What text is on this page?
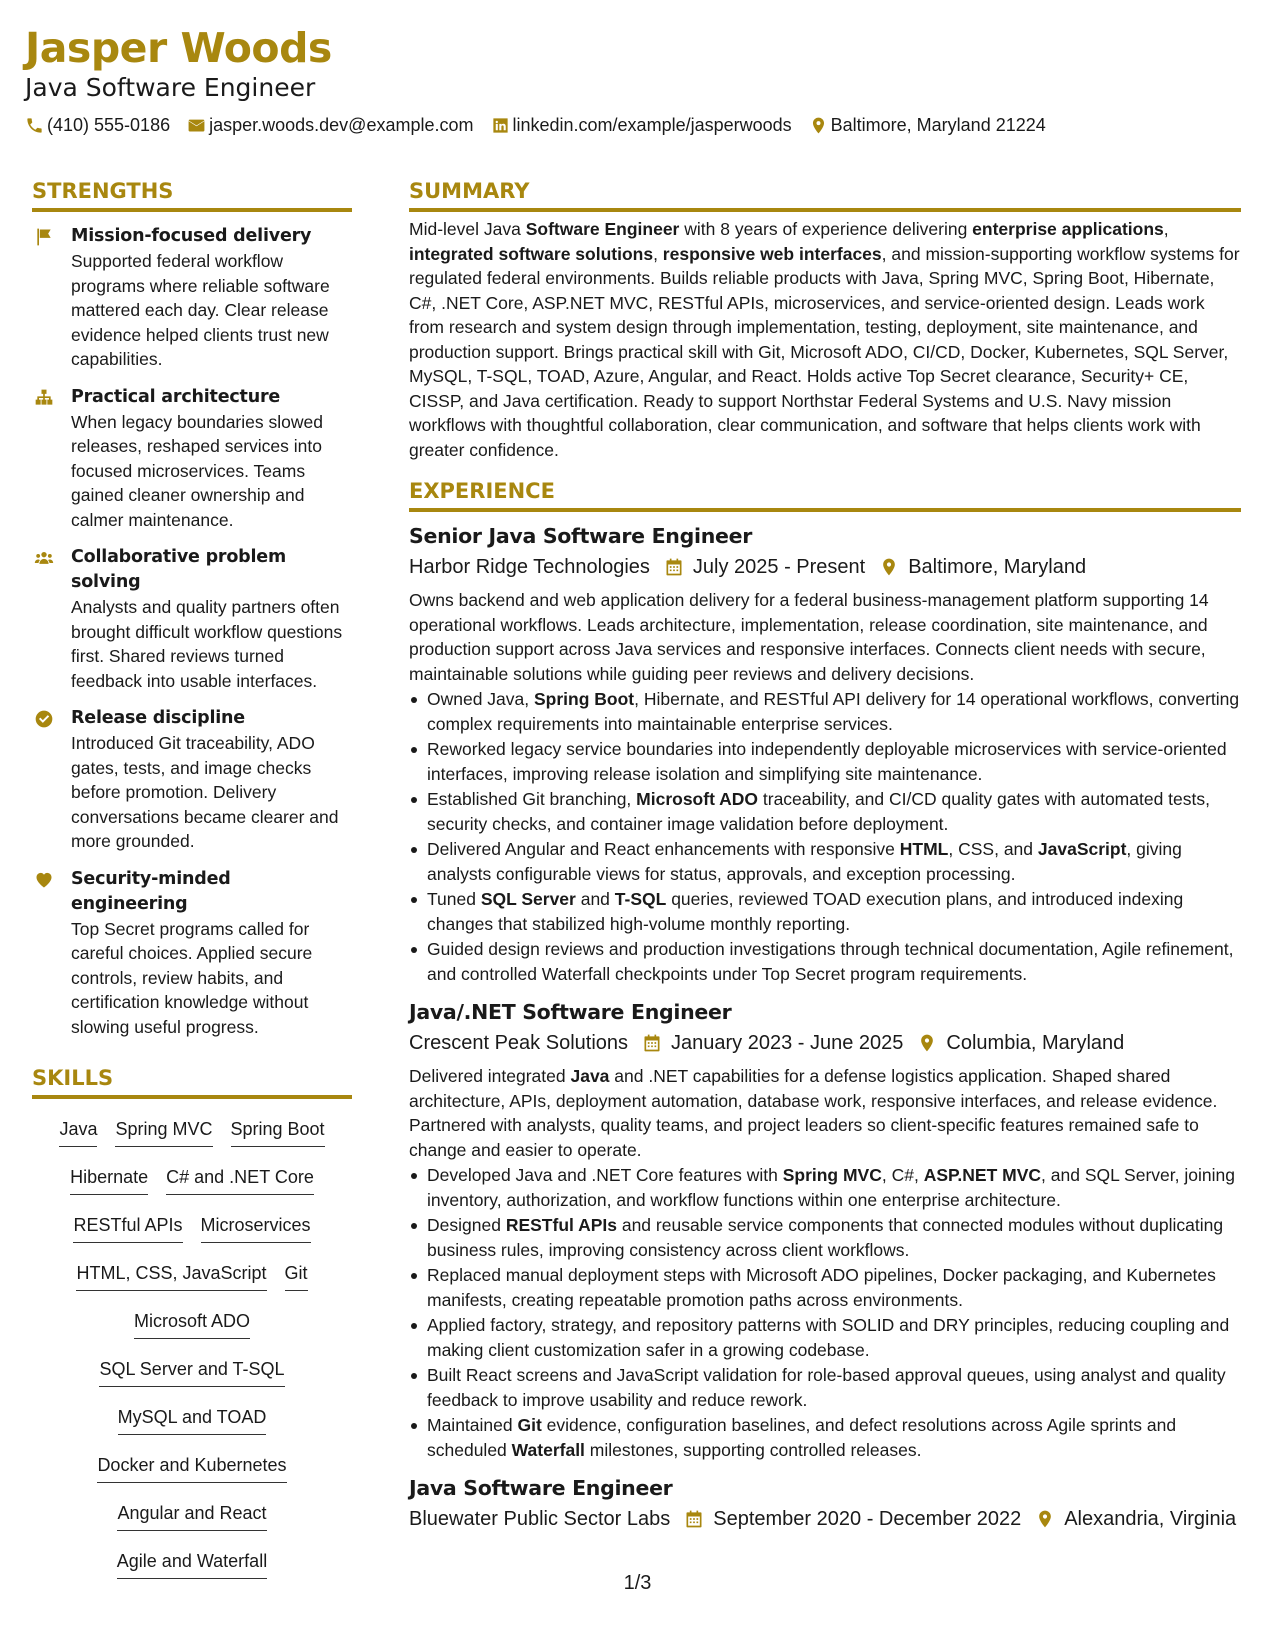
Jasper Woods
Java Software Engineer
(410) 555-0186 jasper.woods.dev@example.com linkedin.com/example/jasperwoods Baltimore, Maryland 21224
STRENGTHS
Mission-focused delivery
Supported federal workflow programs where reliable software mattered each day. Clear release evidence helped clients trust new capabilities.
Practical architecture
When legacy boundaries slowed releases, reshaped services into focused microservices. Teams gained cleaner ownership and calmer maintenance.
Collaborative problem solving
Analysts and quality partners often brought difficult workflow questions first. Shared reviews turned feedback into usable interfaces.
Release discipline
Introduced Git traceability, ADO gates, tests, and image checks before promotion. Delivery conversations became clearer and more grounded.
Security-minded engineering
Top Secret programs called for careful choices. Applied secure controls, review habits, and certification knowledge without slowing useful progress.
SKILLS
Java Spring MVC Spring Boot
Hibernate C# and .NET Core
RESTful APIs Microservices
HTML, CSS, JavaScript Git
Microsoft ADO
SQL Server and T-SQL
MySQL and TOAD
Docker and Kubernetes
Angular and React
Agile and Waterfall
SUMMARY
Mid-level Java Software Engineer with 8 years of experience delivering enterprise applications, integrated software solutions, responsive web interfaces, and mission-supporting workflow systems for regulated federal environments. Builds reliable products with Java, Spring MVC, Spring Boot, Hibernate, C#, .NET Core, ASP.NET MVC, RESTful APIs, microservices, and service-oriented design. Leads work from research and system design through implementation, testing, deployment, site maintenance, and production support. Brings practical skill with Git, Microsoft ADO, CI/CD, Docker, Kubernetes, SQL Server, MySQL, T-SQL, TOAD, Azure, Angular, and React. Holds active Top Secret clearance, Security+ CE, CISSP, and Java certification. Ready to support Northstar Federal Systems and U.S. Navy mission workflows with thoughtful collaboration, clear communication, and software that helps clients work with greater confidence.
EXPERIENCE
Senior Java Software Engineer
Harbor Ridge Technologies July 2025 - Present Baltimore, Maryland
Owns backend and web application delivery for a federal business-management platform supporting 14 operational workflows. Leads architecture, implementation, release coordination, site maintenance, and production support across Java services and responsive interfaces. Connects client needs with secure, maintainable solutions while guiding peer reviews and delivery decisions.
Owned Java, Spring Boot, Hibernate, and RESTful API delivery for 14 operational workflows, converting complex requirements into maintainable enterprise services.
Reworked legacy service boundaries into independently deployable microservices with service-oriented interfaces, improving release isolation and simplifying site maintenance.
Established Git branching, Microsoft ADO traceability, and CI/CD quality gates with automated tests, security checks, and container image validation before deployment.
Delivered Angular and React enhancements with responsive HTML, CSS, and JavaScript, giving analysts configurable views for status, approvals, and exception processing.
Tuned SQL Server and T-SQL queries, reviewed TOAD execution plans, and introduced indexing changes that stabilized high-volume monthly reporting.
Guided design reviews and production investigations through technical documentation, Agile refinement, and controlled Waterfall checkpoints under Top Secret program requirements.
Java/.NET Software Engineer
Crescent Peak Solutions January 2023 - June 2025 Columbia, Maryland
Delivered integrated Java and .NET capabilities for a defense logistics application. Shaped shared architecture, APIs, deployment automation, database work, responsive interfaces, and release evidence. Partnered with analysts, quality teams, and project leaders so client-specific features remained safe to change and easier to operate.
Developed Java and .NET Core features with Spring MVC, C#, ASP.NET MVC, and SQL Server, joining inventory, authorization, and workflow functions within one enterprise architecture.
Designed RESTful APIs and reusable service components that connected modules without duplicating business rules, improving consistency across client workflows.
Replaced manual deployment steps with Microsoft ADO pipelines, Docker packaging, and Kubernetes manifests, creating repeatable promotion paths across environments.
Applied factory, strategy, and repository patterns with SOLID and DRY principles, reducing coupling and making client customization safer in a growing codebase.
Built React screens and JavaScript validation for role-based approval queues, using analyst and quality feedback to improve usability and reduce rework.
Maintained Git evidence, configuration baselines, and defect resolutions across Agile sprints and scheduled Waterfall milestones, supporting controlled releases.
Java Software Engineer
Bluewater Public Sector Labs September 2020 - December 2022 Alexandria, Virginia
1/3
